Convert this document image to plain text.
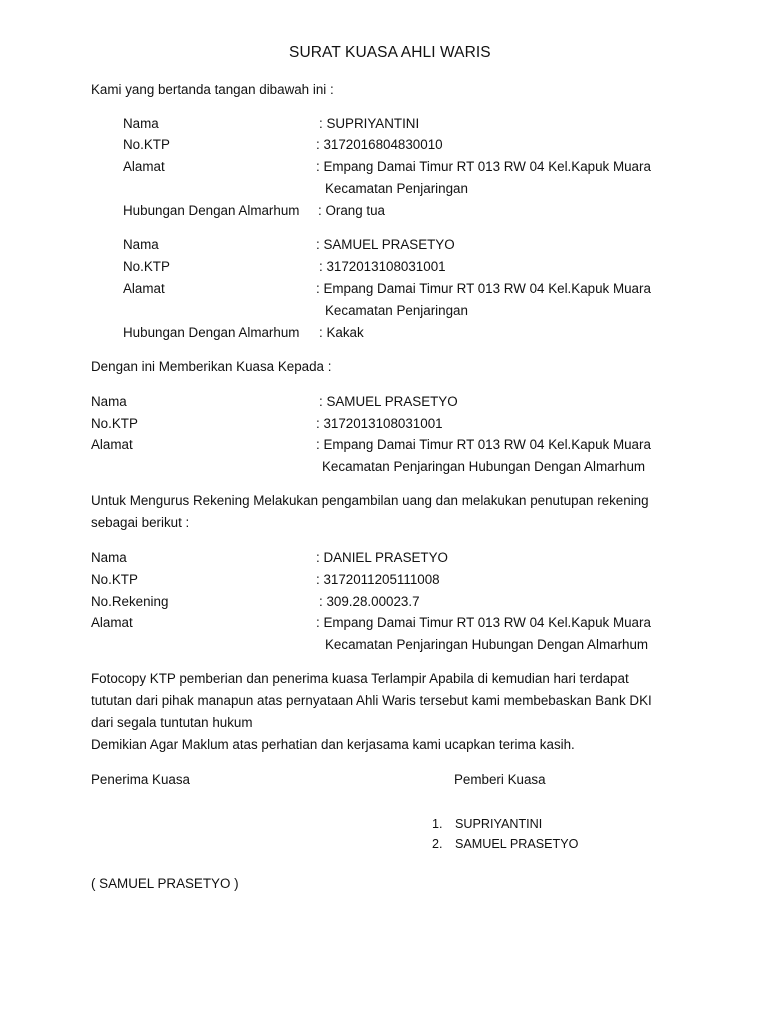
SURAT KUASA AHLI WARIS
Kami yang bertanda tangan dibawah ini :
Nama	: SUPRIYANTINI
No.KTP	: 3172016804830010
Alamat	: Empang Damai Timur RT 013 RW 04 Kel.Kapuk Muara
Kecamatan Penjaringan
Hubungan Dengan Almarhum : Orang tua
Nama	: SAMUEL PRASETYO
No.KTP	: 3172013108031001
Alamat	: Empang Damai Timur RT 013 RW 04 Kel.Kapuk Muara
Kecamatan Penjaringan
Hubungan Dengan Almarhum : Kakak
Dengan ini Memberikan Kuasa Kepada :
Nama	: SAMUEL PRASETYO
No.KTP	: 3172013108031001
Alamat	: Empang Damai Timur RT 013 RW 04 Kel.Kapuk Muara
Kecamatan Penjaringan Hubungan Dengan Almarhum
Untuk Mengurus Rekening Melakukan pengambilan uang dan melakukan penutupan rekening
sebagai berikut :
Nama	: DANIEL PRASETYO
No.KTP	: 3172011205111008
No.Rekening	: 309.28.00023.7
Alamat	: Empang Damai Timur RT 013 RW 04 Kel.Kapuk Muara
Kecamatan Penjaringan Hubungan Dengan Almarhum
Fotocopy KTP pemberian dan penerima kuasa Terlampir Apabila di kemudian hari terdapat
tututan dari pihak manapun atas pernyataan Ahli Waris tersebut kami membebaskan Bank DKI
dari segala tuntutan hukum
Demikian Agar Maklum atas perhatian dan kerjasama kami ucapkan terima kasih.
Penerima Kuasa	Pemberi Kuasa
1. SUPRIYANTINI
2. SAMUEL PRASETYO
( SAMUEL PRASETYO )
